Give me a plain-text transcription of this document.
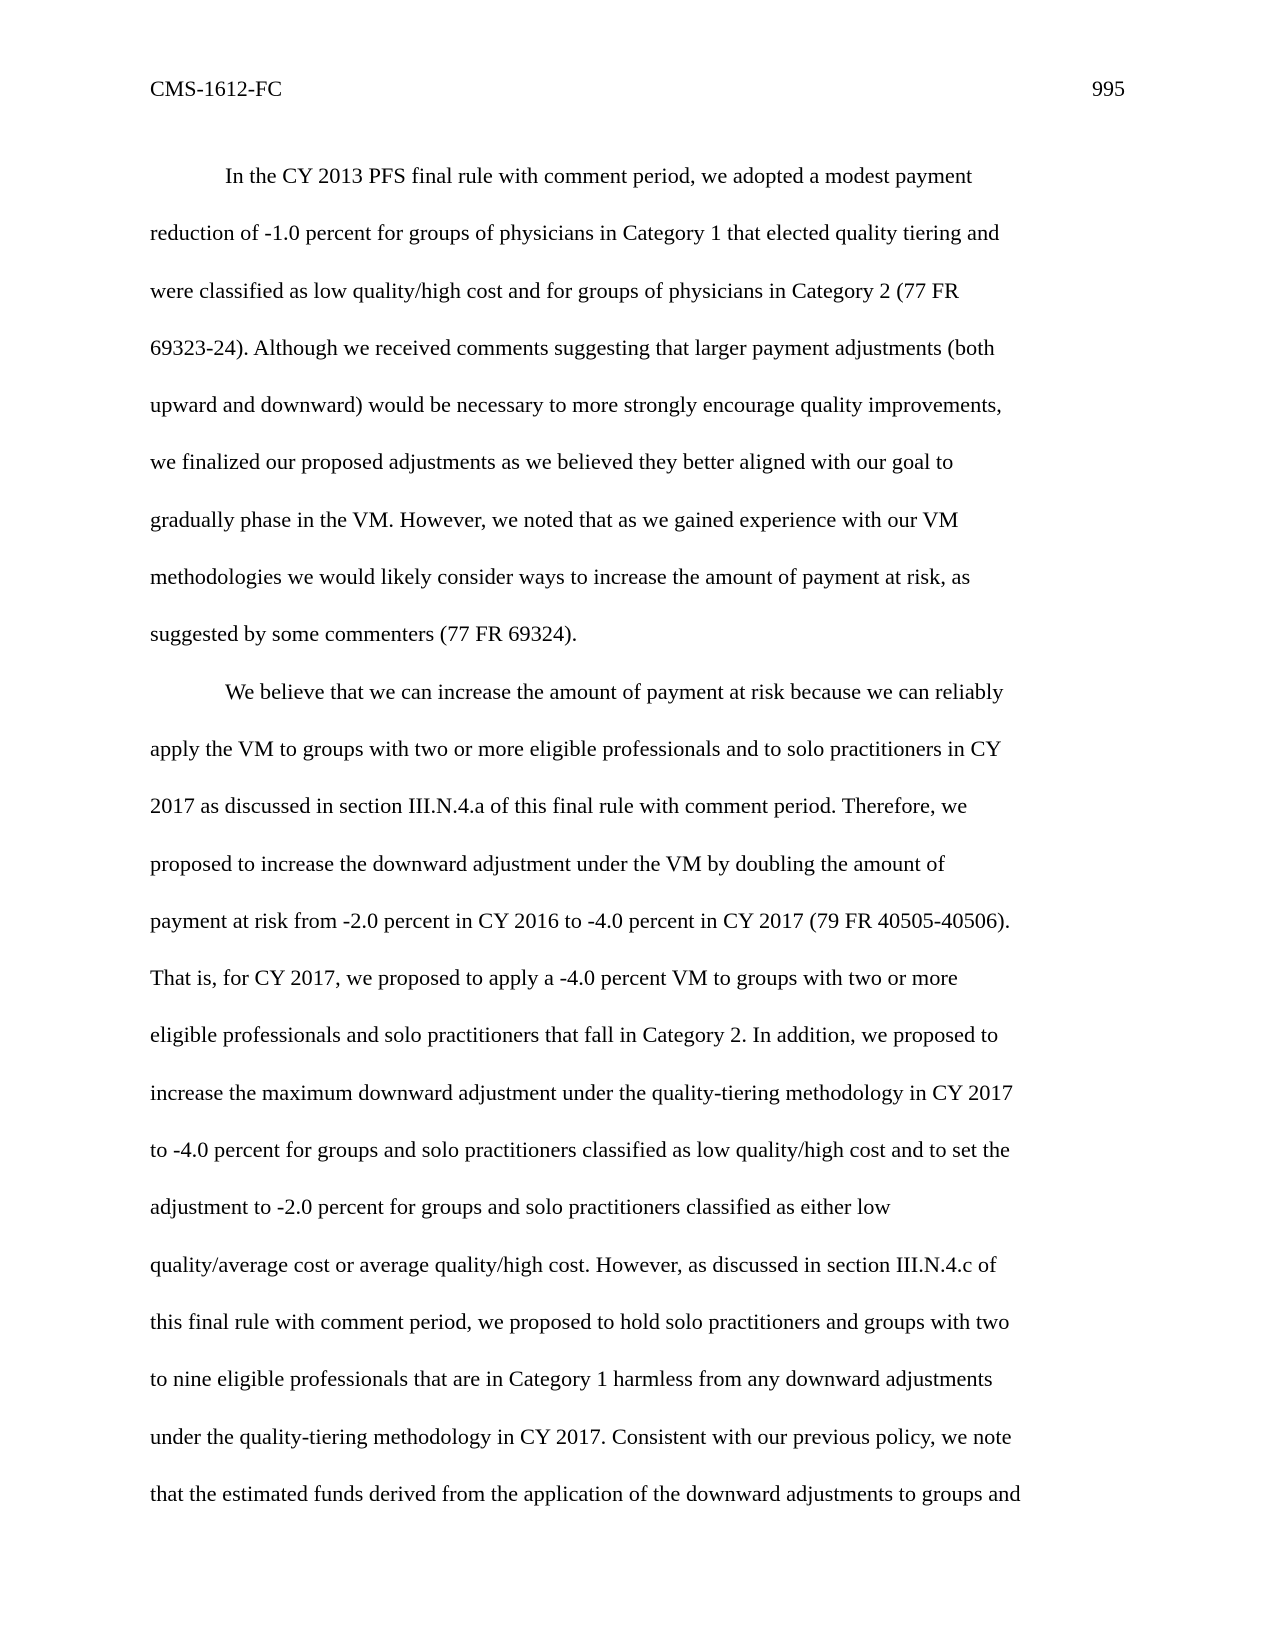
CMS-1612-FC	995
In the CY 2013 PFS final rule with comment period, we adopted a modest payment
reduction of -1.0 percent for groups of physicians in Category 1 that elected quality tiering and
were classified as low quality/high cost and for groups of physicians in Category 2 (77 FR
69323-24). Although we received comments suggesting that larger payment adjustments (both
upward and downward) would be necessary to more strongly encourage quality improvements,
we finalized our proposed adjustments as we believed they better aligned with our goal to
gradually phase in the VM. However, we noted that as we gained experience with our VM
methodologies we would likely consider ways to increase the amount of payment at risk, as
suggested by some commenters (77 FR 69324).
We believe that we can increase the amount of payment at risk because we can reliably
apply the VM to groups with two or more eligible professionals and to solo practitioners in CY
2017 as discussed in section III.N.4.a of this final rule with comment period. Therefore, we
proposed to increase the downward adjustment under the VM by doubling the amount of
payment at risk from -2.0 percent in CY 2016 to -4.0 percent in CY 2017 (79 FR 40505-40506).
That is, for CY 2017, we proposed to apply a -4.0 percent VM to groups with two or more
eligible professionals and solo practitioners that fall in Category 2. In addition, we proposed to
increase the maximum downward adjustment under the quality-tiering methodology in CY 2017
to -4.0 percent for groups and solo practitioners classified as low quality/high cost and to set the
adjustment to -2.0 percent for groups and solo practitioners classified as either low
quality/average cost or average quality/high cost. However, as discussed in section III.N.4.c of
this final rule with comment period, we proposed to hold solo practitioners and groups with two
to nine eligible professionals that are in Category 1 harmless from any downward adjustments
under the quality-tiering methodology in CY 2017. Consistent with our previous policy, we note
that the estimated funds derived from the application of the downward adjustments to groups and
